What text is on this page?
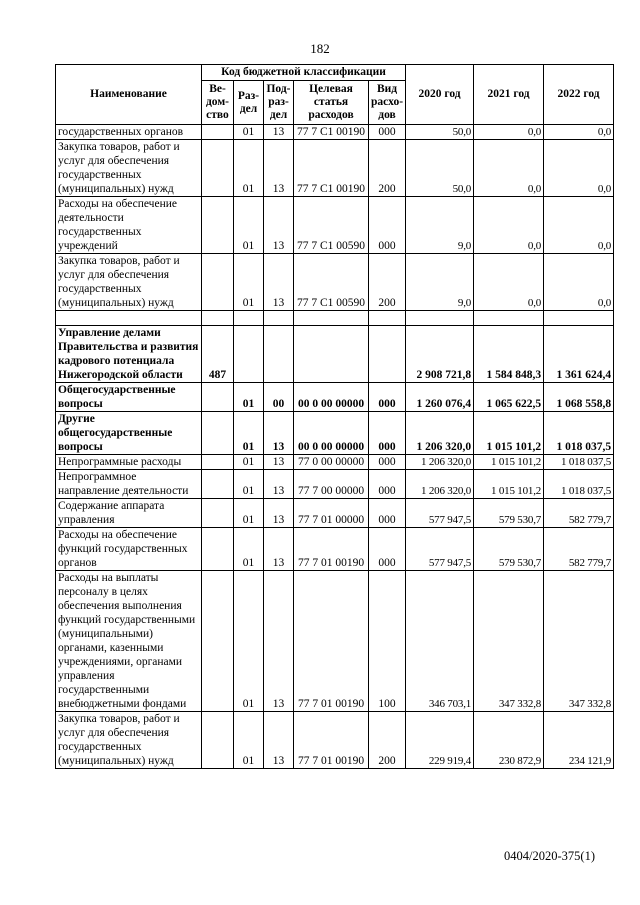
182
Наименование	Код бюджетной классификации					2020 год	2021 год	2022 год
	Ве-дом-ство	Раз-дел	Под-раз-дел	Целевая статья расходов	Вид расхо-дов			
государственных органов		01	13	77 7 С1 00190	000	50,0	0,0	0,0
Закупка товаров, работ и услуг для обеспечения государственных (муниципальных) нужд		01	13	77 7 С1 00190	200	50,0	0,0	0,0
Расходы на обеспечение деятельности государственных учреждений		01	13	77 7 С1 00590	000	9,0	0,0	0,0
Закупка товаров, работ и услуг для обеспечения государственных (муниципальных) нужд		01	13	77 7 С1 00590	200	9,0	0,0	0,0

Управление делами Правительства и развития кадрового потенциала Нижегородской области	487					2 908 721,8	1 584 848,3	1 361 624,4
Общегосударственные вопросы		01	00	00 0 00 00000	000	1 260 076,4	1 065 622,5	1 068 558,8
Другие общегосударственные вопросы		01	13	00 0 00 00000	000	1 206 320,0	1 015 101,2	1 018 037,5
Непрограммные расходы		01	13	77 0 00 00000	000	1 206 320,0	1 015 101,2	1 018 037,5
Непрограммное направление деятельности		01	13	77 7 00 00000	000	1 206 320,0	1 015 101,2	1 018 037,5
Содержание аппарата управления		01	13	77 7 01 00000	000	577 947,5	579 530,7	582 779,7
Расходы на обеспечение функций государственных органов		01	13	77 7 01 00190	000	577 947,5	579 530,7	582 779,7
Расходы на выплаты персоналу в целях обеспечения выполнения функций государственными (муниципальными) органами, казенными учреждениями, органами управления государственными внебюджетными фондами		01	13	77 7 01 00190	100	346 703,1	347 332,8	347 332,8
Закупка товаров, работ и услуг для обеспечения государственных (муниципальных) нужд		01	13	77 7 01 00190	200	229 919,4	230 872,9	234 121,9
0404/2020-375(1)
